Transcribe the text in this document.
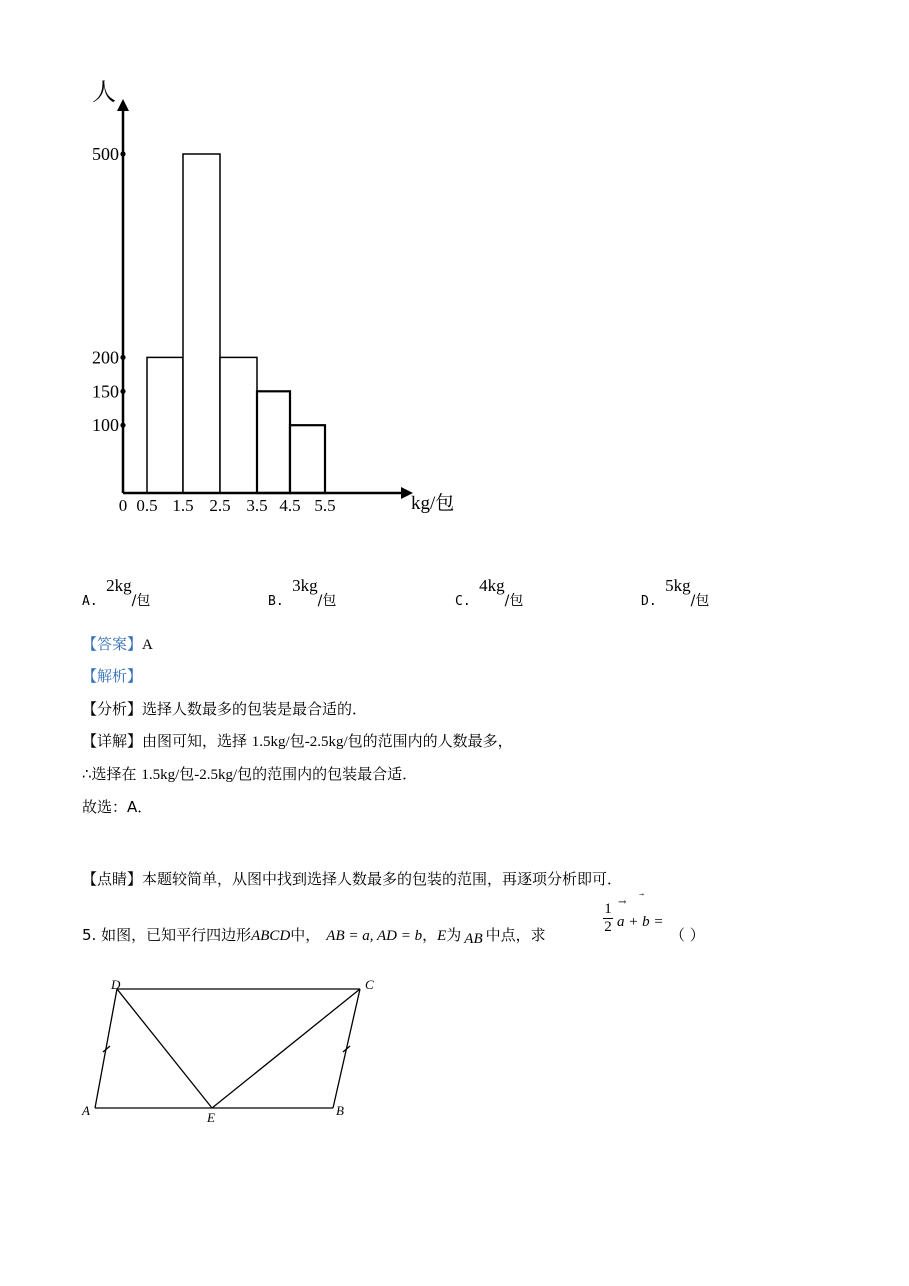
500
200
150
100
0.5 1.5 2.5 3.5 4.5 5.5
0
人
kg/包
A. 2kg/包	B. 3kg/包	C. 4kg/包	D. 5kg/包
【答案】A
【解析】
【分析】选择人数最多的包装是最合适的．
【详解】由图可知，选择 1.5kg/包-2.5kg/包的范围内的人数最多，
∴选择在 1.5kg/包-2.5kg/包的范围内的包装最合适．
故选：A．
【点睛】本题较简单，从图中找到选择人数最多的包装的范围，再逐项分析即可．
5. 如图，已知平行四边形ABCD中， AB = a, AD = b，E为 AB 中点，求
1
2 a + b =
→
（ ）
A	B
C
D
E
